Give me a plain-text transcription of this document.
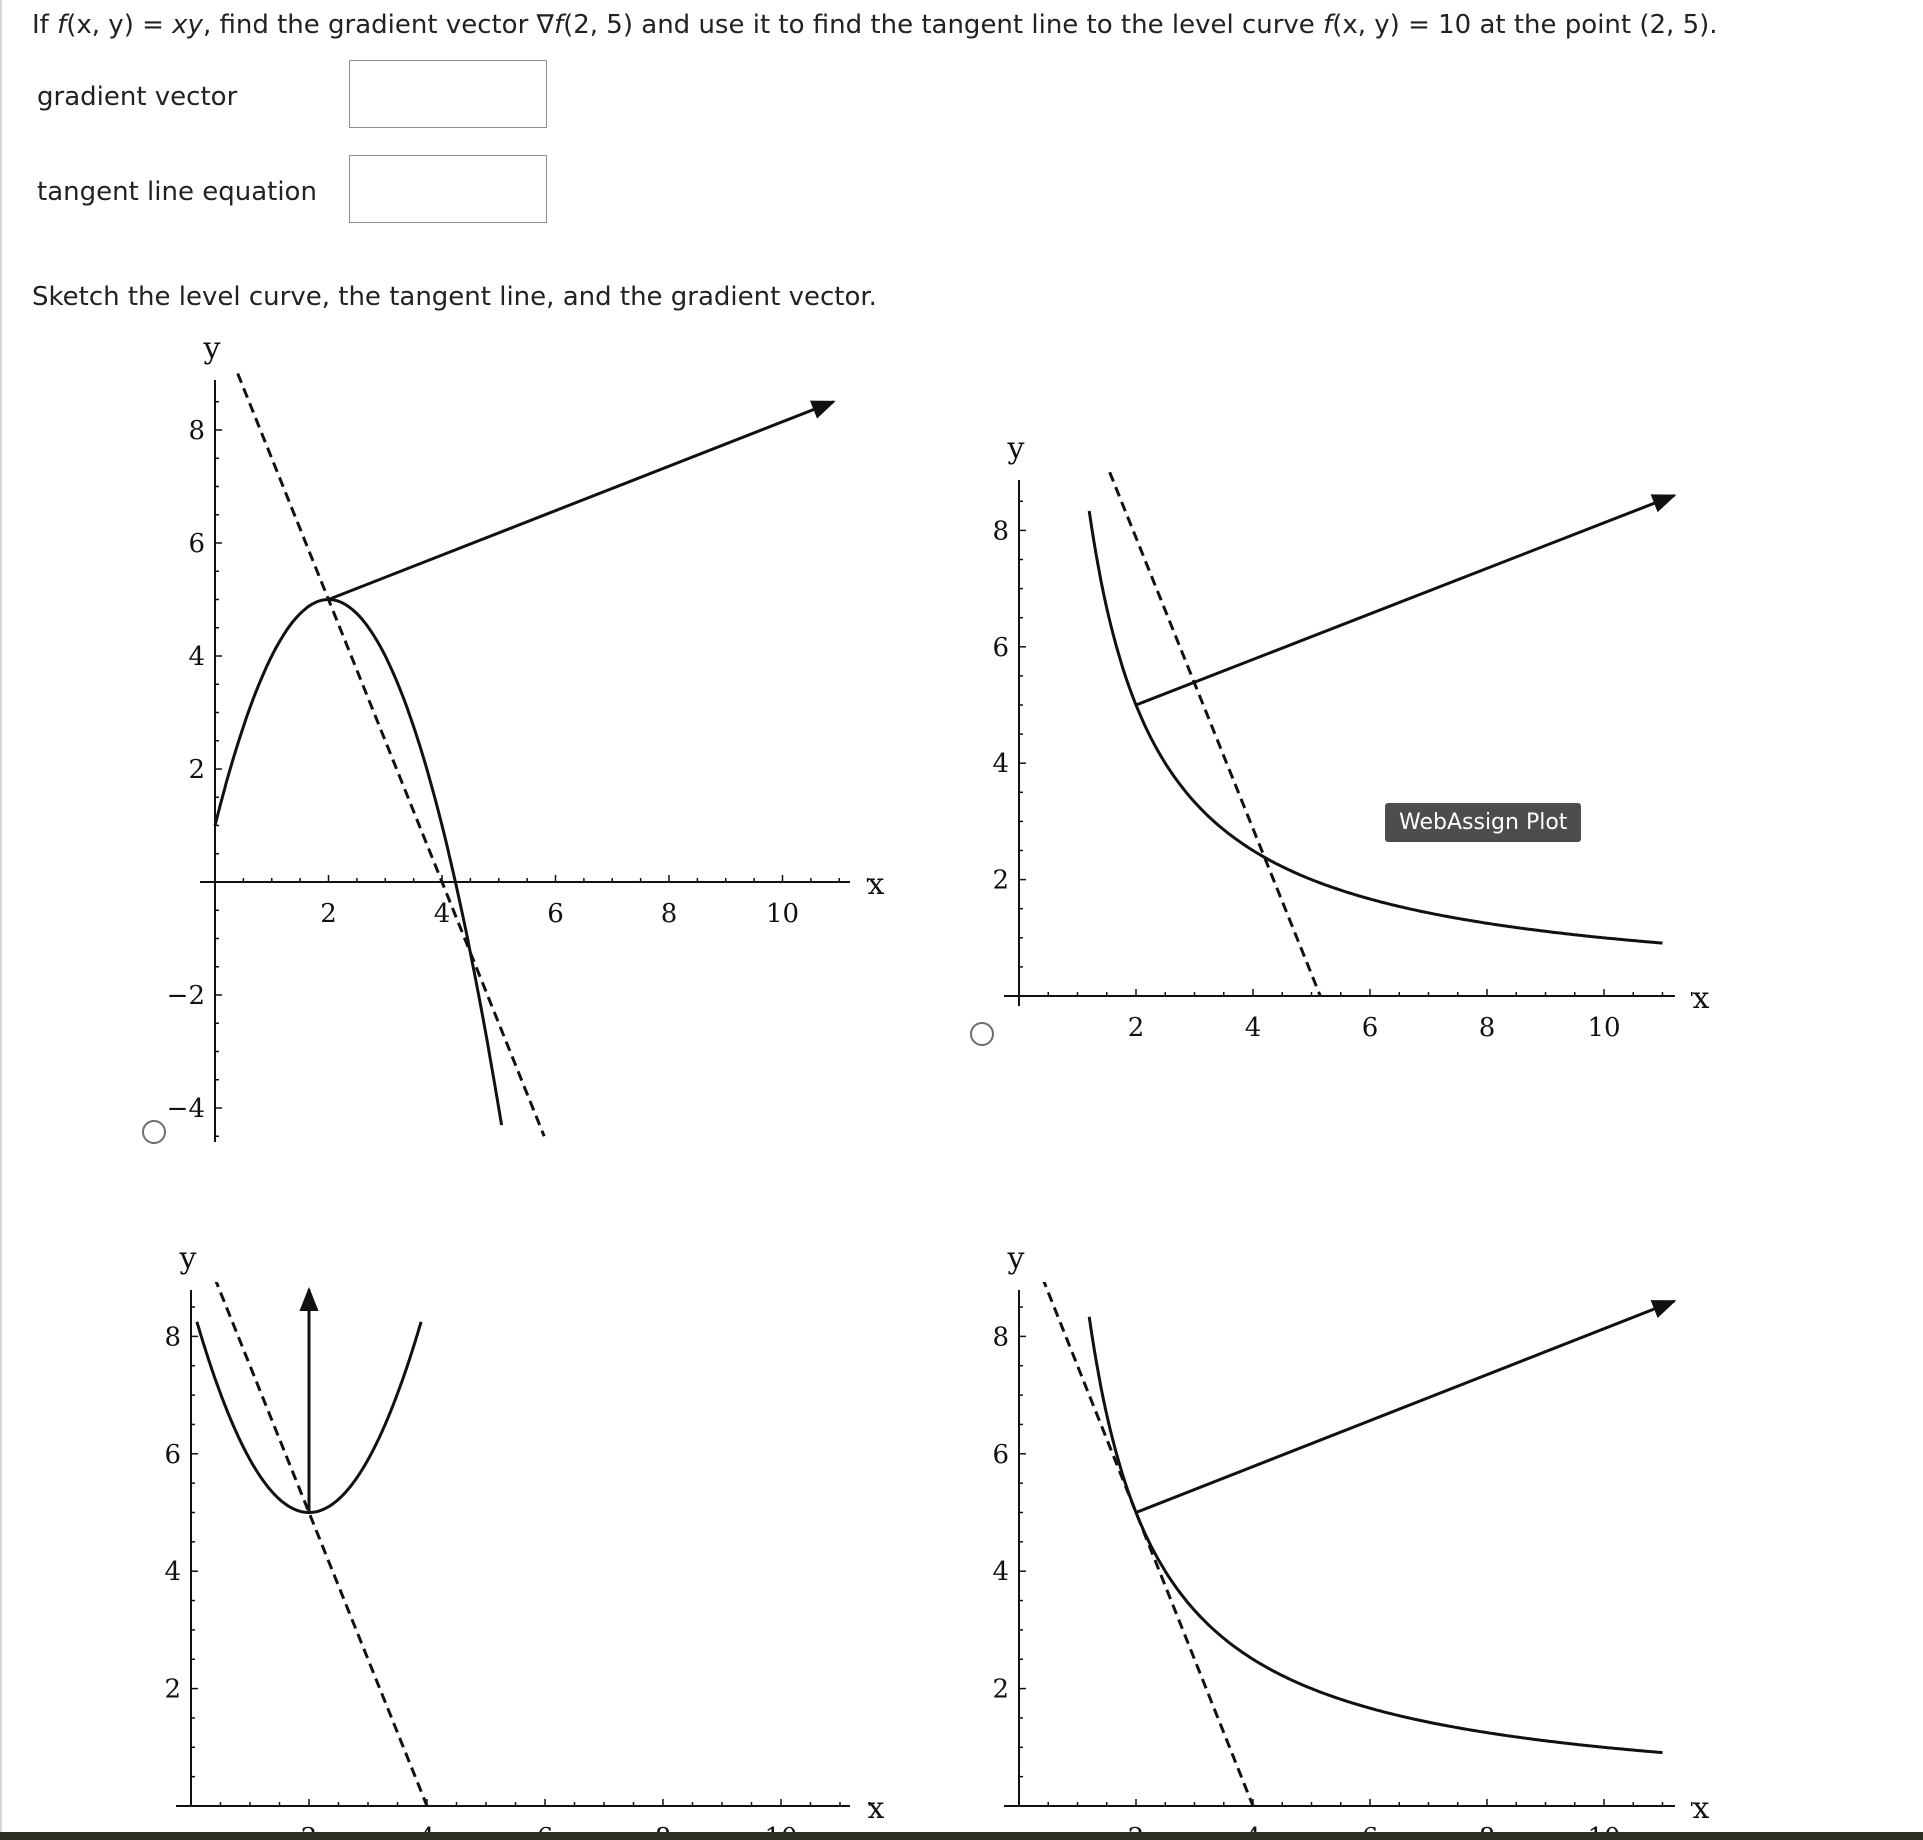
If f(x, y) = xy, find the gradient vector ∇f(2, 5) and use it to find the tangent line to the level curve f(x, y) = 10 at the point (2, 5).
gradient vector
tangent line equation
Sketch the level curve, the tangent line, and the gradient vector.
2	4	6	8	10
8
6
4
2
−2
−4
x
y
2	4	6	8	10
8
6
4
2
x
y
8
6
4
2
x
y
8
6
4
2
x
y
WebAssign Plot
